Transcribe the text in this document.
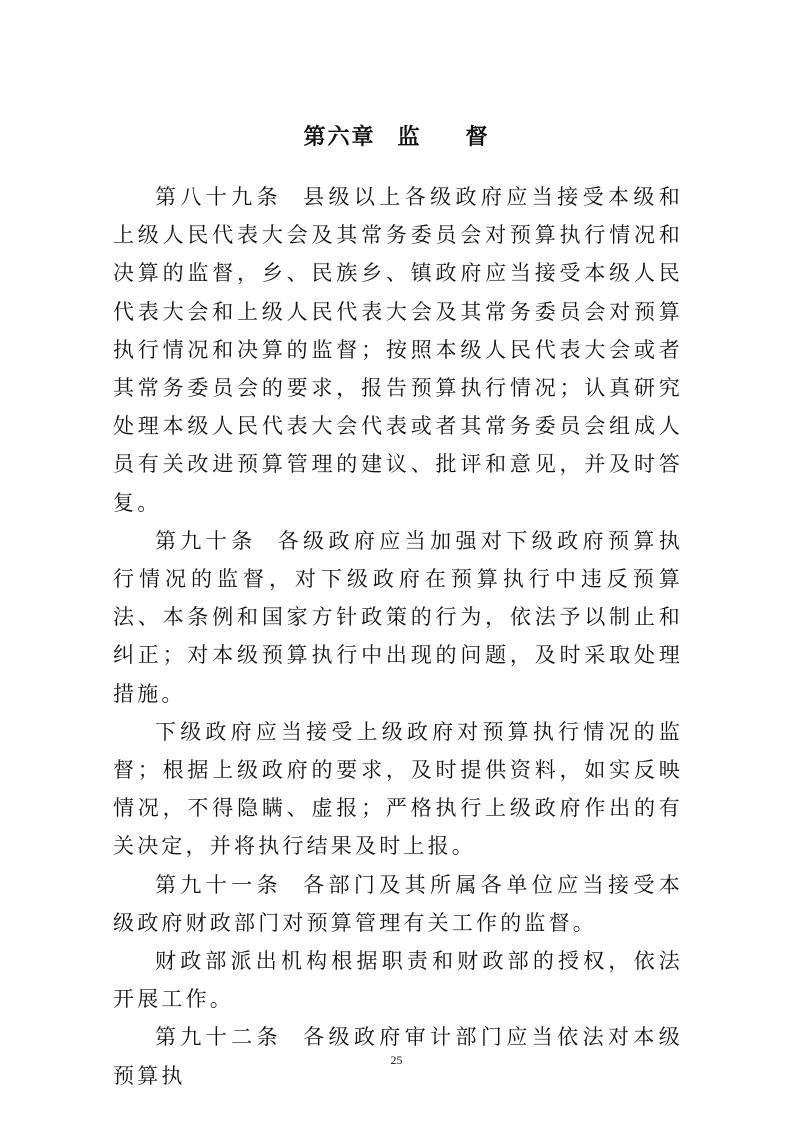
第六章 监 督

第八十九条 县级以上各级政府应当接受本级和上级人民代表大会及其常务委员会对预算执行情况和决算的监督，乡、民族乡、镇政府应当接受本级人民代表大会和上级人民代表大会及其常务委员会对预算执行情况和决算的监督；按照本级人民代表大会或者其常务委员会的要求，报告预算执行情况；认真研究处理本级人民代表大会代表或者其常务委员会组成人员有关改进预算管理的建议、批评和意见，并及时答复。

第九十条 各级政府应当加强对下级政府预算执行情况的监督，对下级政府在预算执行中违反预算法、本条例和国家方针政策的行为，依法予以制止和纠正；对本级预算执行中出现的问题，及时采取处理措施。

下级政府应当接受上级政府对预算执行情况的监督；根据上级政府的要求，及时提供资料，如实反映情况，不得隐瞒、虚报；严格执行上级政府作出的有关决定，并将执行结果及时上报。

第九十一条 各部门及其所属各单位应当接受本级政府财政部门对预算管理有关工作的监督。

财政部派出机构根据职责和财政部的授权，依法开展工作。

第九十二条 各级政府审计部门应当依法对本级预算执

25
